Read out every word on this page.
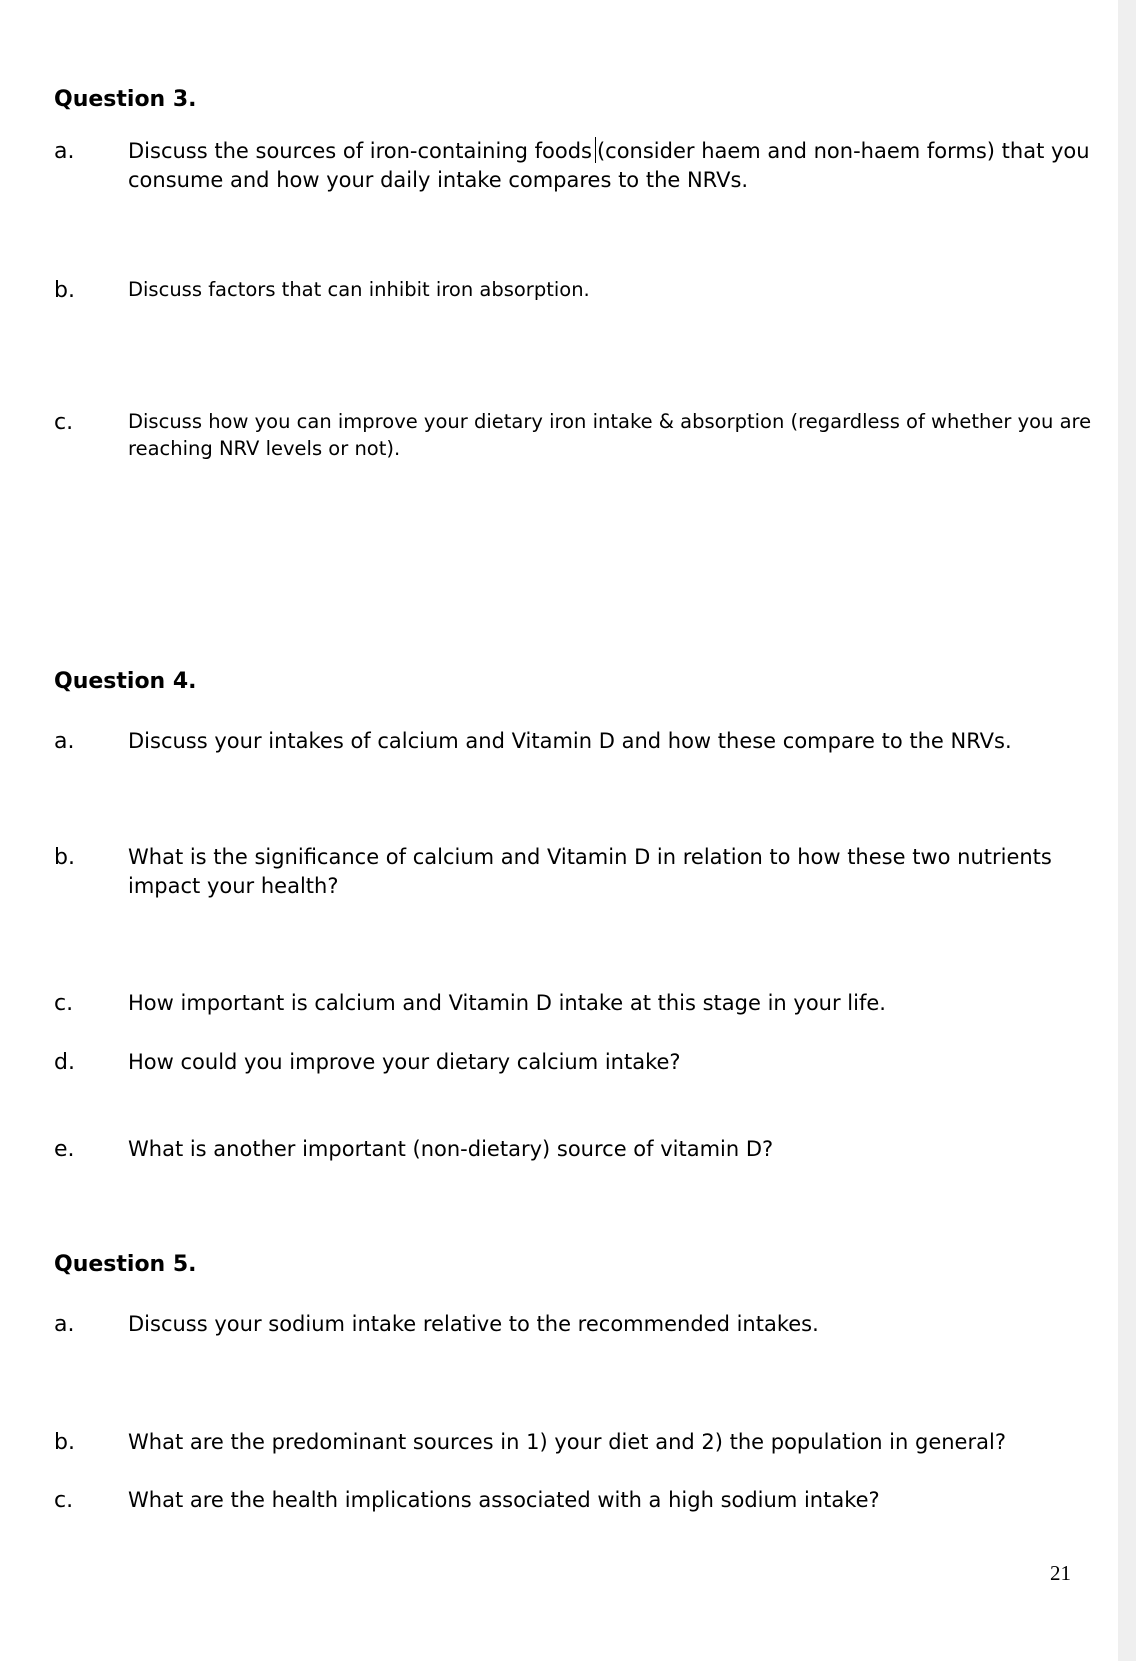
Question 3.
a.	Discuss the sources of iron-containing foods (consider haem and non-haem forms) that you consume and how your daily intake compares to the NRVs.
b.	Discuss factors that can inhibit iron absorption.
c.	Discuss how you can improve your dietary iron intake & absorption (regardless of whether you are reaching NRV levels or not).
Question 4.
a.	Discuss your intakes of calcium and Vitamin D and how these compare to the NRVs.
b.	What is the significance of calcium and Vitamin D in relation to how these two nutrients impact your health?
c.	How important is calcium and Vitamin D intake at this stage in your life.
d.	How could you improve your dietary calcium intake?
e.	What is another important (non-dietary) source of vitamin D?
Question 5.
a.	Discuss your sodium intake relative to the recommended intakes.
b.	What are the predominant sources in 1) your diet and 2) the population in general?
c.	What are the health implications associated with a high sodium intake?
21
